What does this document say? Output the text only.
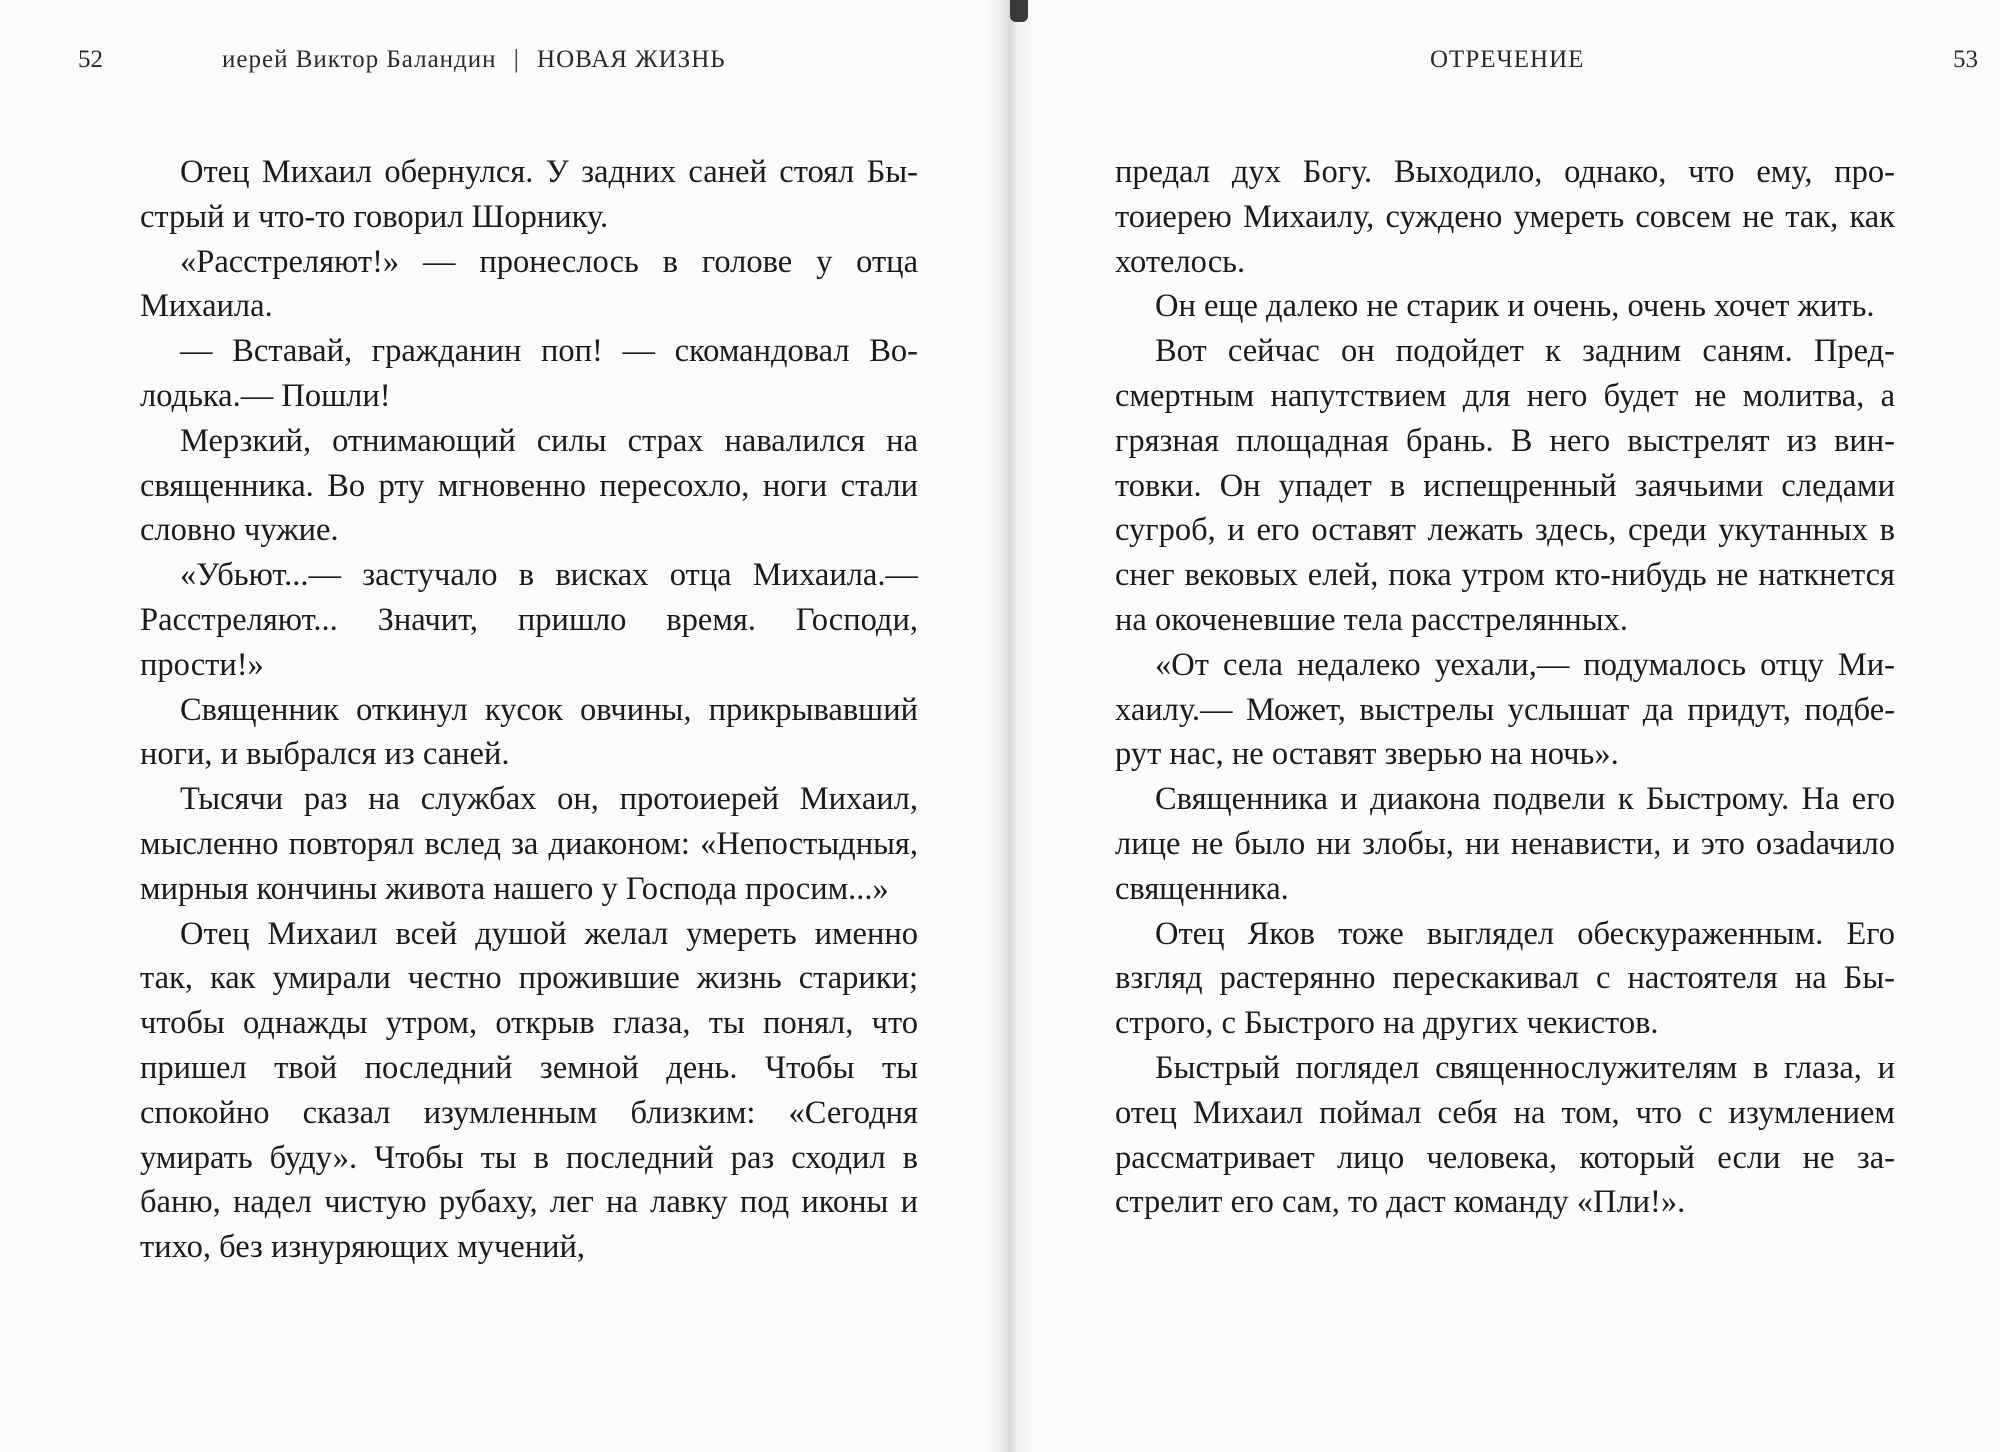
52	иерей Виктор Баландин | НОВАЯ ЖИЗНЬ

Отец Михаил обернулся. У задних саней стоял Быстрый и что-то говорил Шорнику.

«Расстреляют!» — пронеслось в голове у отца Михаила.

— Вставай, гражданин поп! — скомандовал Володька.— Пошли!

Мерзкий, отнимающий силы страх навалился на священника. Во рту мгновенно пересохло, ноги стали словно чужие.

«Убьют...— застучало в висках отца Михаила.— Расстреляют... Значит, пришло время. Господи, прости!»

Священник откинул кусок овчины, прикрывавший ноги, и выбрался из саней.

Тысячи раз на службах он, протоиерей Михаил, мысленно повторял вслед за диаконом: «Непостыдныя, мирныя кончины живота нашего у Господа просим...»

Отец Михаил всей душой желал умереть именно так, как умирали честно прожившие жизнь старики; чтобы однажды утром, открыв глаза, ты понял, что пришел твой последний земной день. Чтобы ты спокойно сказал изумленным близким: «Сегодня умирать буду». Чтобы ты в последний раз сходил в баню, надел чистую рубаху, лег на лавку под иконы и тихо, без изнуряющих мучений,

ОТРЕЧЕНИЕ	53

предал дух Богу. Выходило, однако, что ему, протоиерею Михаилу, суждено умереть совсем не так, как хотелось.

Он еще далеко не старик и очень, очень хочет жить.

Вот сейчас он подойдет к задним саням. Предсмертным напутствием для него будет не молитва, а грязная площадная брань. В него выстрелят из винтовки. Он упадет в испещренный заячьими следами сугроб, и его оставят лежать здесь, среди укутанных в снег вековых елей, пока утром кто-нибудь не наткнется на окоченевшие тела расстрелянных.

«От села недалеко уехали,— подумалось отцу Михаилу.— Может, выстрелы услышат да придут, подберут нас, не оставят зверью на ночь».

Священника и диакона подвели к Быстрому. На его лице не было ни злобы, ни ненависти, и это озаdачило священника.

Отец Яков тоже выглядел обескураженным. Его взгляд растерянно перескакивал с настоятеля на Быстрого, с Быстрого на других чекистов.

Быстрый поглядел священнослужителям в глаза, и отец Михаил поймал себя на том, что с изумлением рассматривает лицо человека, который если не застрелит его сам, то даст команду «Пли!».
